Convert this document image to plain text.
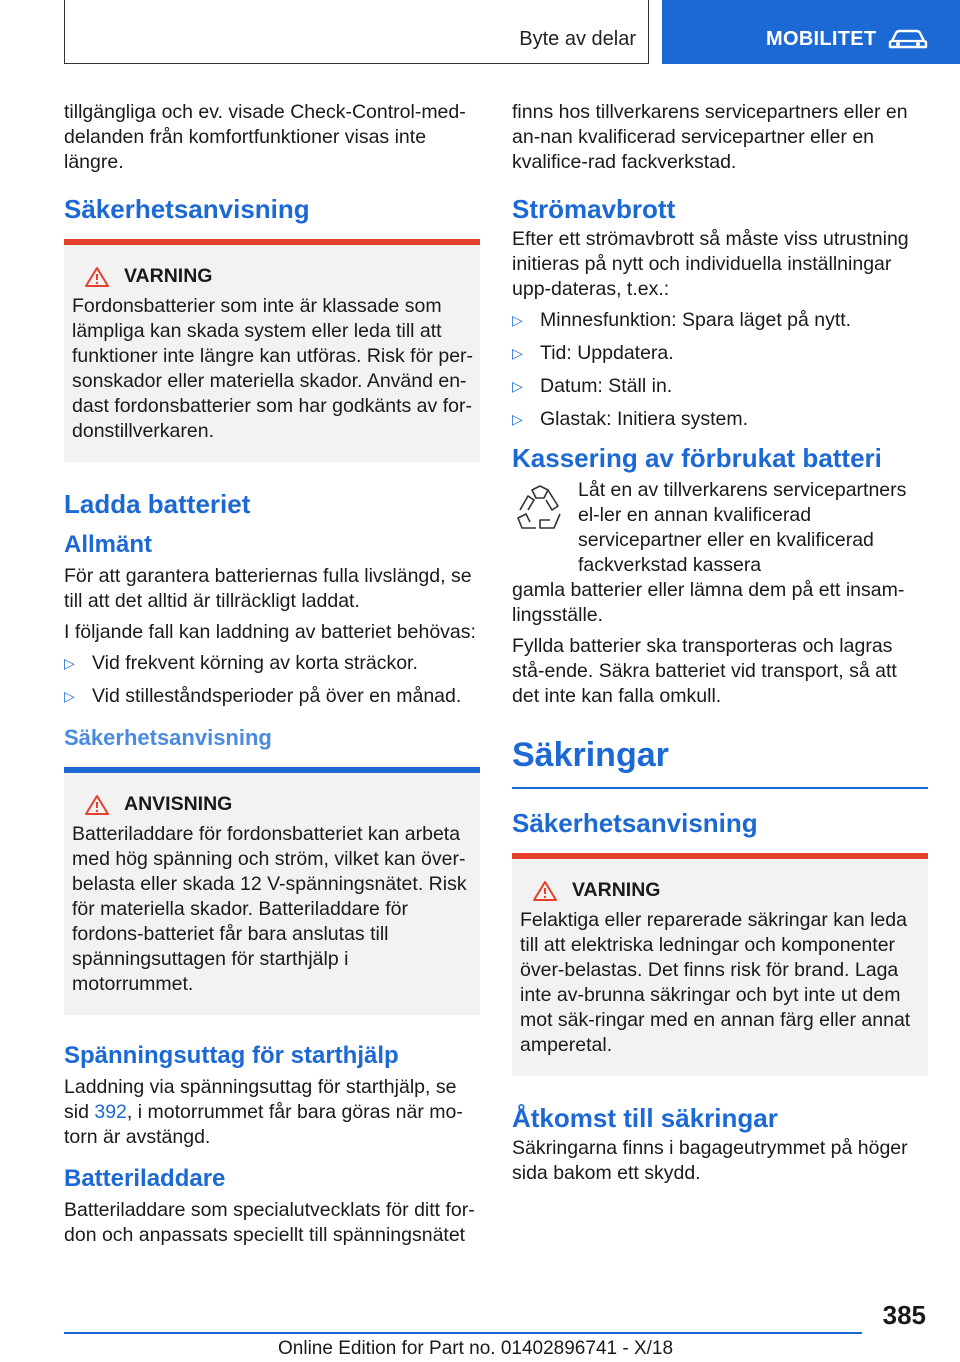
Byte av delar	MOBILITET

tillgängliga och ev. visade Check-Control-med-delanden från komfortfunktioner visas inte längre.

Säkerhetsanvisning
VARNING

Fordonsbatterier som inte är klassade som lämpliga kan skada system eller leda till att funktioner inte längre kan utföras. Risk för per-sonskador eller materiella skador. Använd en-dast fordonsbatterier som har godkänts av for-donstillverkaren.

Ladda batteriet
Allmänt

För att garantera batteriernas fulla livslängd, se till att det alltid är tillräckligt laddat.

I följande fall kan laddning av batteriet behövas:

▷ Vid frekvent körning av korta sträckor.
▷ Vid stilleståndsperioder på över en månad.
Säkerhetsanvisning
ANVISNING

Batteriladdare för fordonsbatteriet kan arbeta med hög spänning och ström, vilket kan över-belasta eller skada 12 V-spänningsnätet. Risk för materiella skador. Batteriladdare för fordons-batteriet får bara anslutas till spänningsuttagen för starthjälp i motorrummet.

Spänningsuttag för starthjälp

Laddning via spänningsuttag för starthjälp, se sid 392, i motorrummet får bara göras när mo-torn är avstängd.

Batteriladdare

Batteriladdare som specialutvecklats för ditt for-don och anpassats speciellt till spänningsnätet

finns hos tillverkarens servicepartners eller en an-nan kvalificerad servicepartner eller en kvalifice-rad fackverkstad.

Strömavbrott

Efter ett strömavbrott så måste viss utrustning initieras på nytt och individuella inställningar upp-dateras, t.ex.:

▷ Minnesfunktion: Spara läget på nytt.
▷ Tid: Uppdatera.
▷ Datum: Ställ in.
▷ Glastak: Initiera system.
Kassering av förbrukat batteri

Låt en av tillverkarens servicepartners el-ler en annan kvalificerad servicepartner eller en kvalificerad fackverkstad kassera

gamla batterier eller lämna dem på ett insam-lingsställe.

Fyllda batterier ska transporteras och lagras stå-ende. Säkra batteriet vid transport, så att det inte kan falla omkull.

Säkringar
Säkerhetsanvisning
VARNING

Felaktiga eller reparerade säkringar kan leda till att elektriska ledningar och komponenter över-belastas. Det finns risk för brand. Laga inte av-brunna säkringar och byt inte ut dem mot säk-ringar med en annan färg eller annat amperetal.

Åtkomst till säkringar

Säkringarna finns i bagageutrymmet på höger sida bakom ett skydd.

385
Online Edition for Part no. 01402896741 - X/18
